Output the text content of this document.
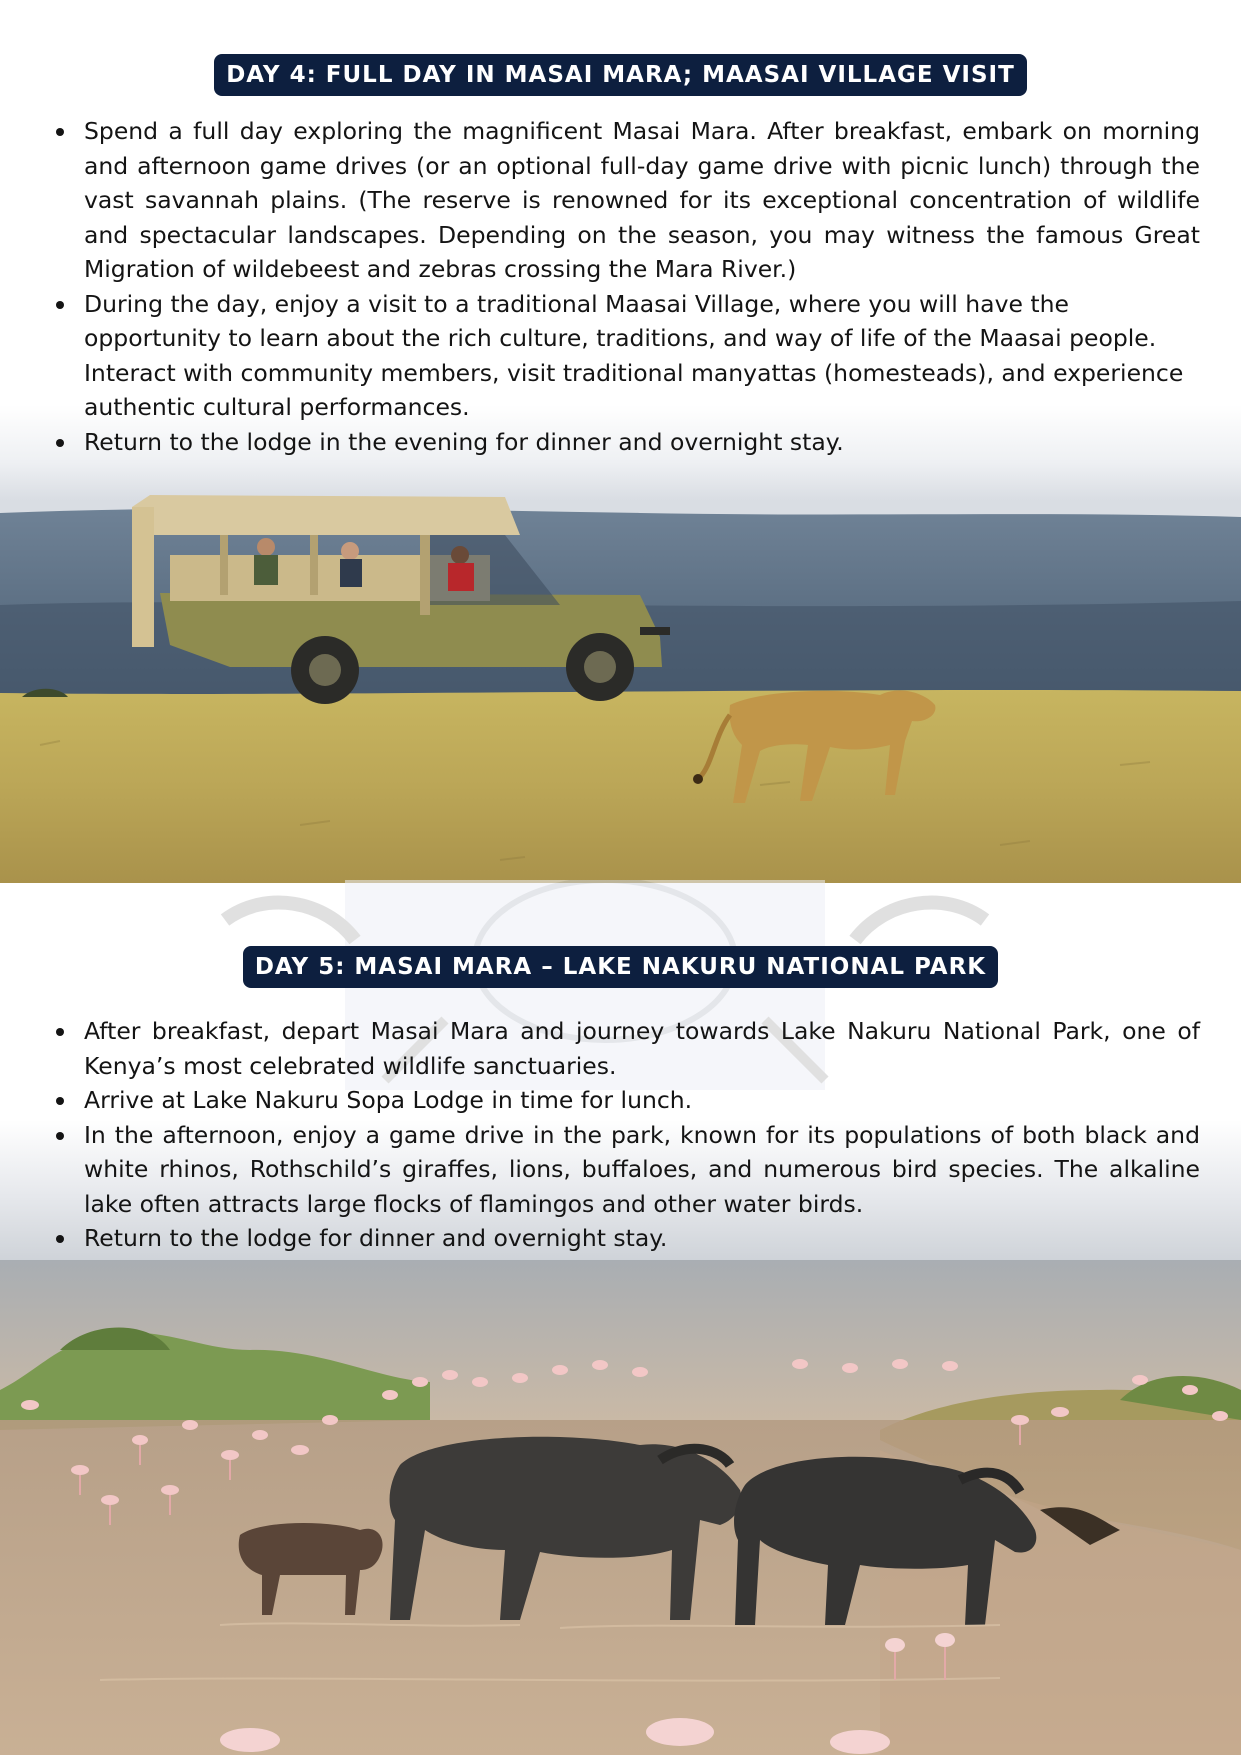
DAY 4: FULL DAY IN MASAI MARA; MAASAI VILLAGE VISIT
Spend a full day exploring the magnificent Masai Mara. After breakfast, embark on morning and afternoon game drives (or an optional full-day game drive with picnic lunch) through the vast savannah plains. (The reserve is renowned for its exceptional concentration of wildlife and spectacular landscapes. Depending on the season, you may witness the famous Great Migration of wildebeest and zebras crossing the Mara River.)
During the day, enjoy a visit to a traditional Maasai Village, where you will have the opportunity to learn about the rich culture, traditions, and way of life of the Maasai people. Interact with community members, visit traditional manyattas (homesteads), and experience authentic cultural performances.
Return to the lodge in the evening for dinner and overnight stay.
DAY 5: MASAI MARA – LAKE NAKURU NATIONAL PARK
After breakfast, depart Masai Mara and journey towards Lake Nakuru National Park, one of Kenya’s most celebrated wildlife sanctuaries.
Arrive at Lake Nakuru Sopa Lodge in time for lunch.
In the afternoon, enjoy a game drive in the park, known for its populations of both black and white rhinos, Rothschild’s giraffes, lions, buffaloes, and numerous bird species. The alkaline lake often attracts large flocks of flamingos and other water birds.
Return to the lodge for dinner and overnight stay.
